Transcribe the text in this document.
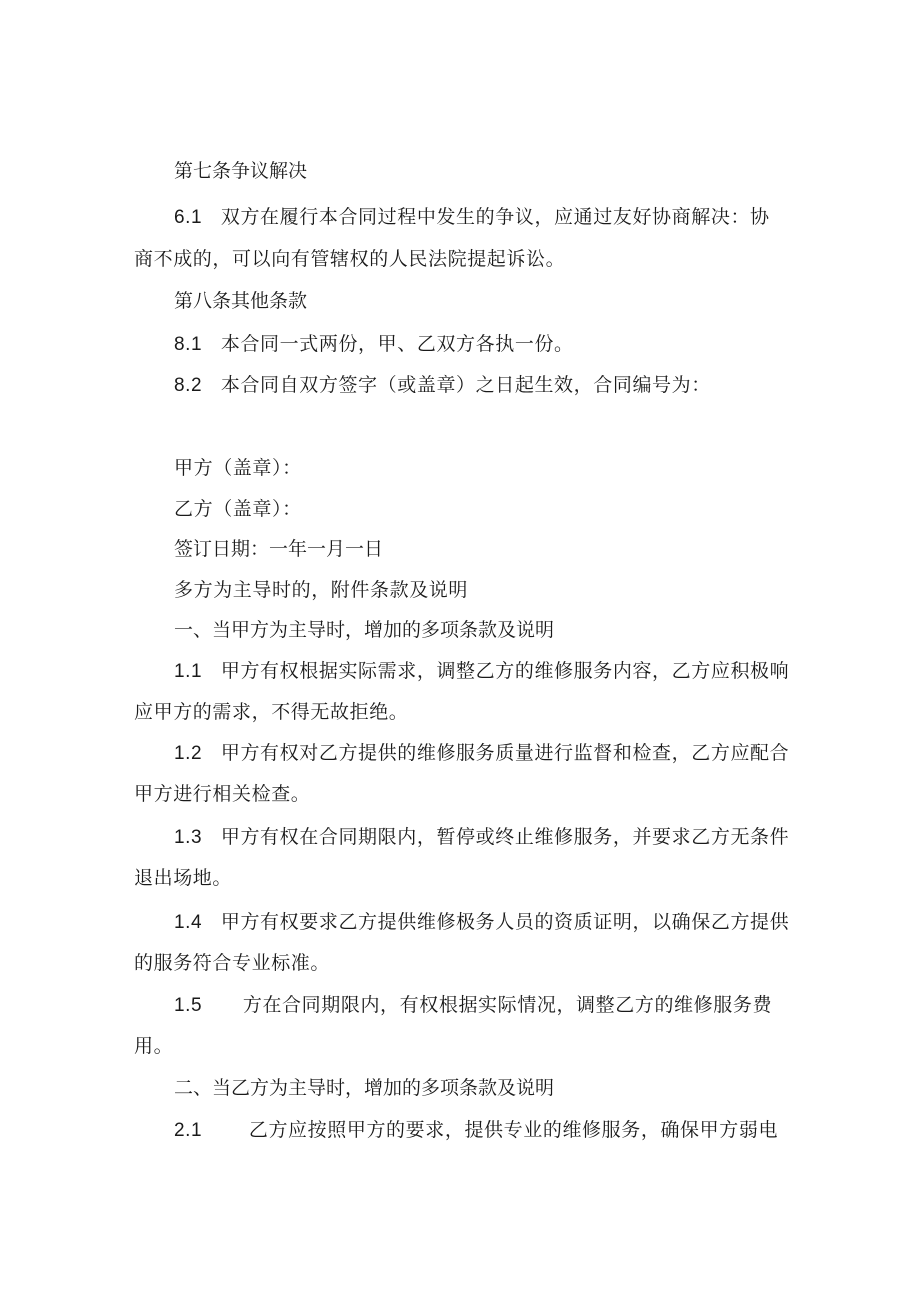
第七条争议解决
6.1 双方在履行本合同过程中发生的争议，应通过友好协商解决：协
商不成的，可以向有管辖权的人民法院提起诉讼。
第八条其他条款
8.1 本合同一式两份，甲、乙双方各执一份。
8.2 本合同自双方签字（或盖章）之日起生效，合同编号为：
甲方（盖章）：
乙方（盖章）：
签订日期：一年一月一日
多方为主导时的，附件条款及说明
一、当甲方为主导时，增加的多项条款及说明
1.1 甲方有权根据实际需求，调整乙方的维修服务内容，乙方应积极响
应甲方的需求，不得无故拒绝。
1.2 甲方有权对乙方提供的维修服务质量进行监督和检查，乙方应配合
甲方进行相关检查。
1.3 甲方有权在合同期限内，暂停或终止维修服务，并要求乙方无条件
退出场地。
1.4 甲方有权要求乙方提供维修极务人员的资质证明，以确保乙方提供
的服务符合专业标准。
1.5 方在合同期限内，有权根据实际情况，调整乙方的维修服务费
用。
二、当乙方为主导时，增加的多项条款及说明
2.1 乙方应按照甲方的要求，提供专业的维修服务，确保甲方弱电
